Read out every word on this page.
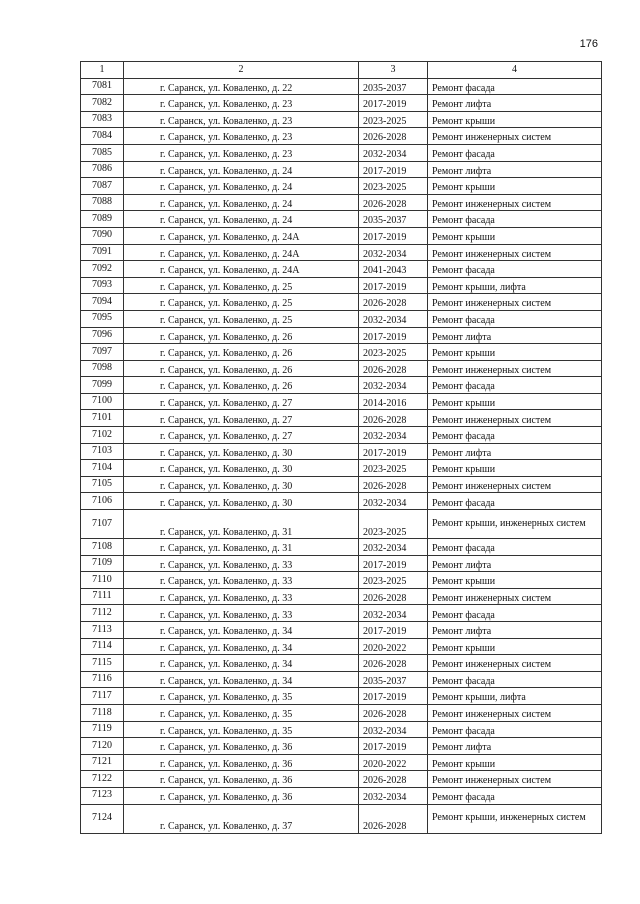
176
1	2	3	4
7081	г. Саранск, ул. Коваленко, д. 22	2035-2037	Ремонт фасада
7082	г. Саранск, ул. Коваленко, д. 23	2017-2019	Ремонт лифта
7083	г. Саранск, ул. Коваленко, д. 23	2023-2025	Ремонт крыши
7084	г. Саранск, ул. Коваленко, д. 23	2026-2028	Ремонт инженерных систем
7085	г. Саранск, ул. Коваленко, д. 23	2032-2034	Ремонт фасада
7086	г. Саранск, ул. Коваленко, д. 24	2017-2019	Ремонт лифта
7087	г. Саранск, ул. Коваленко, д. 24	2023-2025	Ремонт крыши
7088	г. Саранск, ул. Коваленко, д. 24	2026-2028	Ремонт инженерных систем
7089	г. Саранск, ул. Коваленко, д. 24	2035-2037	Ремонт фасада
7090	г. Саранск, ул. Коваленко, д. 24А	2017-2019	Ремонт крыши
7091	г. Саранск, ул. Коваленко, д. 24А	2032-2034	Ремонт инженерных систем
7092	г. Саранск, ул. Коваленко, д. 24А	2041-2043	Ремонт фасада
7093	г. Саранск, ул. Коваленко, д. 25	2017-2019	Ремонт крыши, лифта
7094	г. Саранск, ул. Коваленко, д. 25	2026-2028	Ремонт инженерных систем
7095	г. Саранск, ул. Коваленко, д. 25	2032-2034	Ремонт фасада
7096	г. Саранск, ул. Коваленко, д. 26	2017-2019	Ремонт лифта
7097	г. Саранск, ул. Коваленко, д. 26	2023-2025	Ремонт крыши
7098	г. Саранск, ул. Коваленко, д. 26	2026-2028	Ремонт инженерных систем
7099	г. Саранск, ул. Коваленко, д. 26	2032-2034	Ремонт фасада
7100	г. Саранск, ул. Коваленко, д. 27	2014-2016	Ремонт крыши
7101	г. Саранск, ул. Коваленко, д. 27	2026-2028	Ремонт инженерных систем
7102	г. Саранск, ул. Коваленко, д. 27	2032-2034	Ремонт фасада
7103	г. Саранск, ул. Коваленко, д. 30	2017-2019	Ремонт лифта
7104	г. Саранск, ул. Коваленко, д. 30	2023-2025	Ремонт крыши
7105	г. Саранск, ул. Коваленко, д. 30	2026-2028	Ремонт инженерных систем
7106	г. Саранск, ул. Коваленко, д. 30	2032-2034	Ремонт фасада
7107	г. Саранск, ул. Коваленко, д. 31	2023-2025	Ремонт крыши, инженерных систем
7108	г. Саранск, ул. Коваленко, д. 31	2032-2034	Ремонт фасада
7109	г. Саранск, ул. Коваленко, д. 33	2017-2019	Ремонт лифта
7110	г. Саранск, ул. Коваленко, д. 33	2023-2025	Ремонт крыши
7111	г. Саранск, ул. Коваленко, д. 33	2026-2028	Ремонт инженерных систем
7112	г. Саранск, ул. Коваленко, д. 33	2032-2034	Ремонт фасада
7113	г. Саранск, ул. Коваленко, д. 34	2017-2019	Ремонт лифта
7114	г. Саранск, ул. Коваленко, д. 34	2020-2022	Ремонт крыши
7115	г. Саранск, ул. Коваленко, д. 34	2026-2028	Ремонт инженерных систем
7116	г. Саранск, ул. Коваленко, д. 34	2035-2037	Ремонт фасада
7117	г. Саранск, ул. Коваленко, д. 35	2017-2019	Ремонт крыши, лифта
7118	г. Саранск, ул. Коваленко, д. 35	2026-2028	Ремонт инженерных систем
7119	г. Саранск, ул. Коваленко, д. 35	2032-2034	Ремонт фасада
7120	г. Саранск, ул. Коваленко, д. 36	2017-2019	Ремонт лифта
7121	г. Саранск, ул. Коваленко, д. 36	2020-2022	Ремонт крыши
7122	г. Саранск, ул. Коваленко, д. 36	2026-2028	Ремонт инженерных систем
7123	г. Саранск, ул. Коваленко, д. 36	2032-2034	Ремонт фасада
7124	г. Саранск, ул. Коваленко, д. 37	2026-2028	Ремонт крыши, инженерных систем
